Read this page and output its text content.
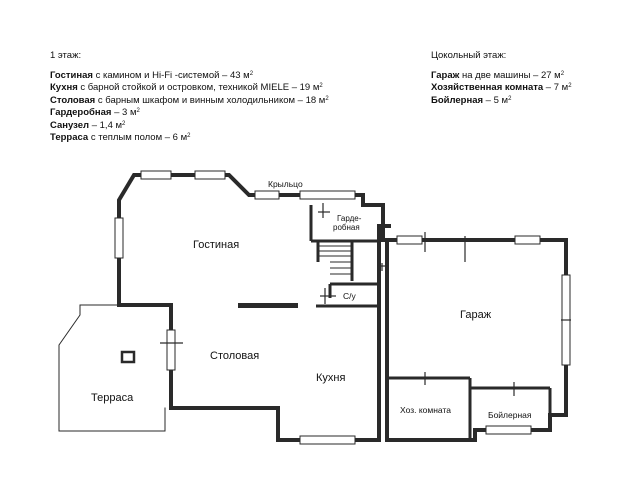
1 этаж:
Гостиная с камином и Hi-Fi -системой – 43 $м^2$
Кухня с барной стойкой и островком, техникой MIELE – 19 $м^2$
Столовая с барным шкафом и винным холодильником – 18 $м^2$
Гардеробная – 3 $м^2$
Санузел – 1,4 $м^2$
Терраса с теплым полом – 6 $м^2$
Цокольный этаж:
Гараж на две машины – 27 $м^2$
Хозяйственная комната – 7 $м^2$
Бойлерная – 5 $м^2$
Крыльцо
Гарде-
робная
Гостиная
С/у
Столовая
Кухня
Терраса
Гараж
Хоз. комната	Бойлерная
